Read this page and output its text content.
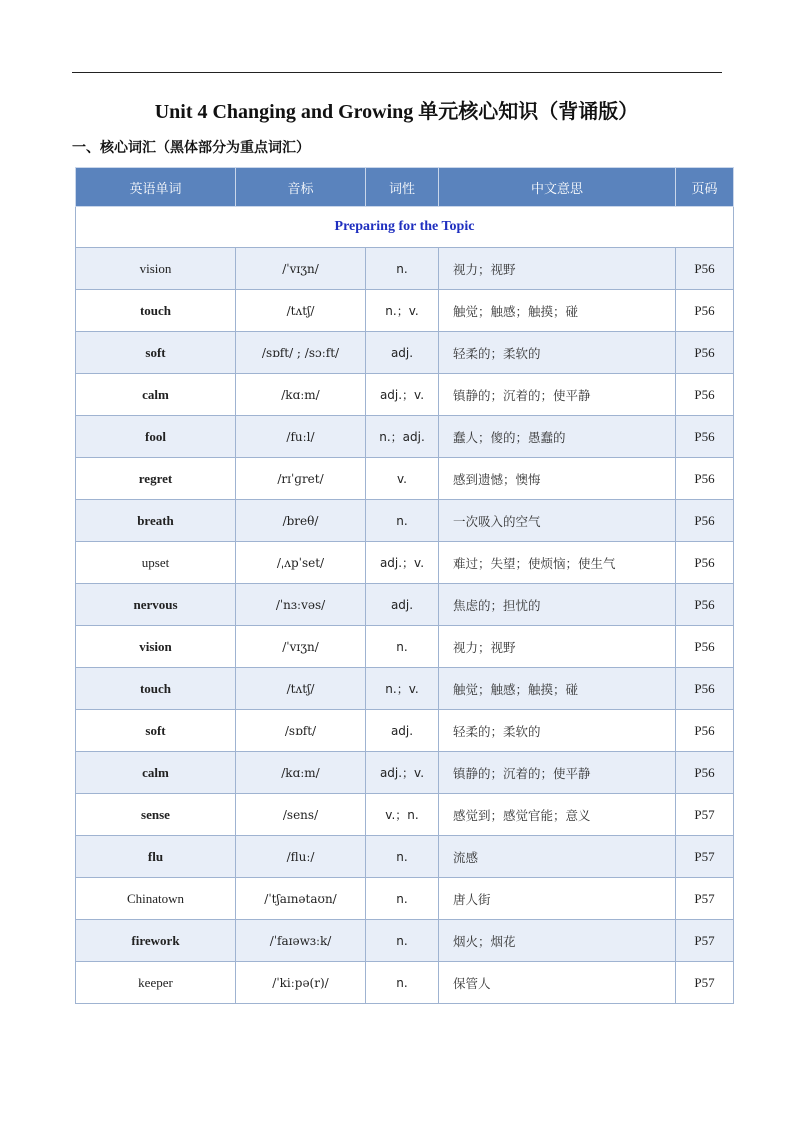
Unit 4 Changing and Growing 单元核心知识（背诵版）
一、核心词汇（黑体部分为重点词汇）
英语单词	音标	词性	中文意思	页码
Preparing for the Topic				
vision	/ˈvɪʒn/	n.	视力；视野	P56
touch	/tʌtʃ/	n.；v.	触觉；触感；触摸；碰	P56
soft	/sɒft/ ; /sɔːft/	adj.	轻柔的；柔软的	P56
calm	/kɑːm/	adj.；v.	镇静的；沉着的；使平静	P56
fool	/fuːl/	n.；adj.	蠢人；傻的；愚蠢的	P56
regret	/rɪˈɡret/	v.	感到遗憾；懊悔	P56
breath	/breθ/	n.	一次吸入的空气	P56
upset	/ˌʌpˈset/	adj.；v.	难过；失望；使烦恼；使生气	P56
nervous	/ˈnɜːvəs/	adj.	焦虑的；担忧的	P56
vision	/ˈvɪʒn/	n.	视力；视野	P56
touch	/tʌtʃ/	n.；v.	触觉；触感；触摸；碰	P56
soft	/sɒft/	adj.	轻柔的；柔软的	P56
calm	/kɑːm/	adj.；v.	镇静的；沉着的；使平静	P56
sense	/sens/	v.；n.	感觉到；感觉官能；意义	P57
flu	/fluː/	n.	流感	P57
Chinatown	/ˈtʃaɪnətaʊn/	n.	唐人街	P57
firework	/ˈfaɪəwɜːk/	n.	烟火；烟花	P57
keeper	/ˈkiːpə(r)/	n.	保管人	P57
